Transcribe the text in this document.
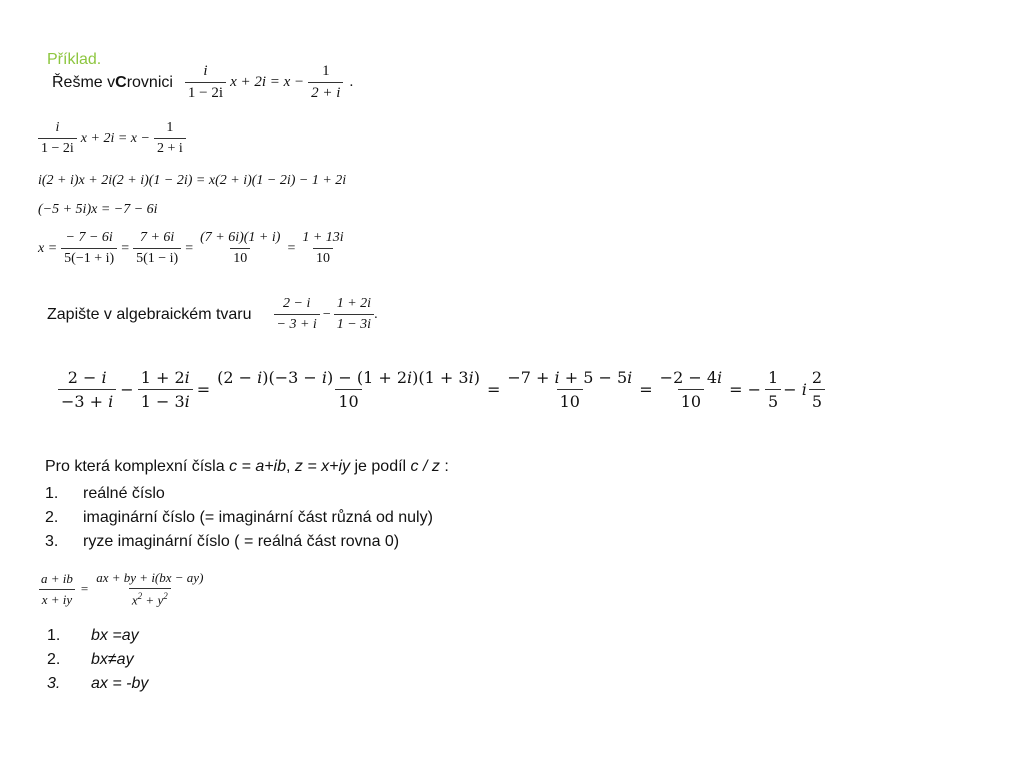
Příklad.
Řešme v C rovnici $\frac{i}{1 - 2i}$ $x + 2i = x - \frac{1}{2 + i}$ .
$\frac{i}{1 - 2i}$ $x + 2i = x - \frac{1}{2 + i}$
i(2 + i)x + 2i(2 + i)(1 − 2i) = x(2 + i)(1 − 2i) − 1 + 2i
(−5 + 5i)x = −7 − 6i
$x = \frac{- 7 - 6i}{5(-1 + i)} = \frac{7 + 6i}{5(1 - i)} = \frac{(7 + 6i)(1 + i)}{10} = \frac{1 + 13i}{10}$
Zapište v algebraickém tvaru $\frac{2 - i}{- 3 + i} - \frac{1 + 2i}{1 - 3i}$ .
$\frac{\text{2 − 𝑖}}{\text{−3 + 𝑖}} - \frac{\text{1 + 2𝑖}}{\text{1 − 3𝑖}} = \frac{\text{(2 − 𝑖)(−3 − 𝑖) − (1 + 2𝑖)(1 + 3𝑖)}}{10} = \frac{\text{−7 + 𝑖 + 5 − 5𝑖}}{10} = \frac{\text{−2 − 4𝑖}}{10}$ = − $\frac{1}{5}$ − 𝑖 $\frac{2}{5}$
Pro která komplexní čísla c = a+ib, z = x+iy je podíl c / z :
1.	reálné číslo
2.	imaginární číslo (= imaginární část různá od nuly)
3.	ryze imaginární číslo ( = reálná část rovna 0)
$\frac{a + ib}{x + iy} = \frac{ax + by + i(bx - ay)}{x^2 + y^2}$
1.	bx =ay
2.	bx≠ay
3.	ax = -by
